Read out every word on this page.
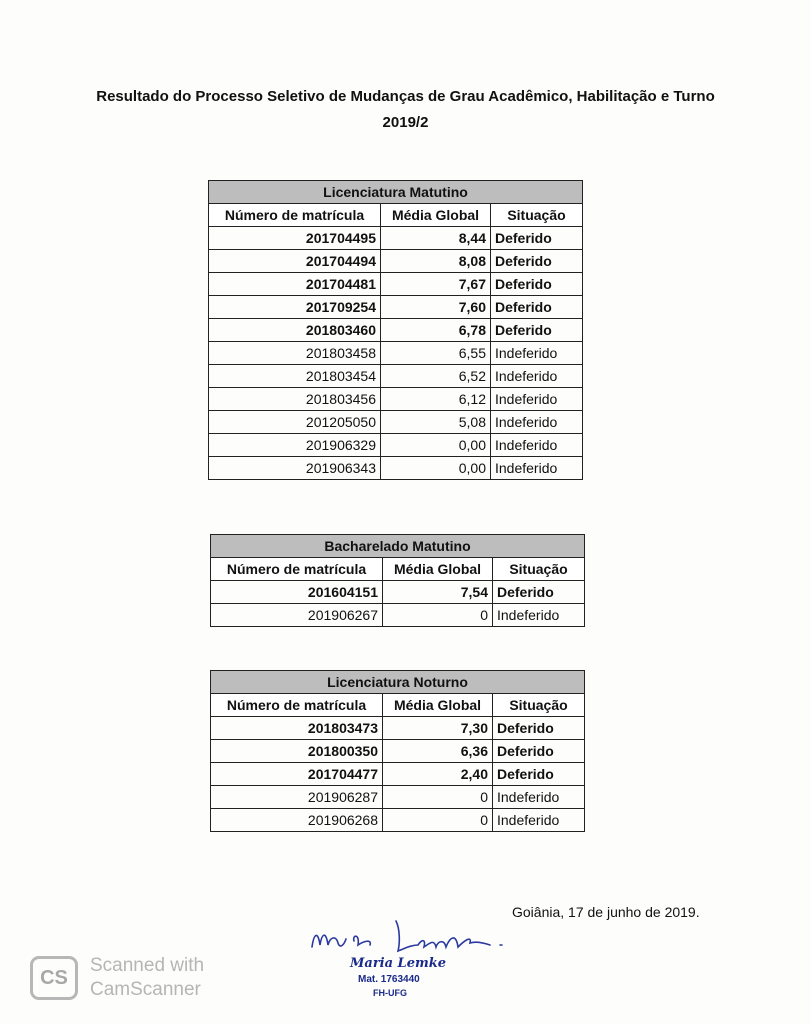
Resultado do Processo Seletivo de Mudanças de Grau Acadêmico, Habilitação e Turno
2019/2
Licenciatura Matutino		
Número de matrícula	Média Global	Situação
201704495	8,44	Deferido
201704494	8,08	Deferido
201704481	7,67	Deferido
201709254	7,60	Deferido
201803460	6,78	Deferido
201803458	6,55	Indeferido
201803454	6,52	Indeferido
201803456	6,12	Indeferido
201205050	5,08	Indeferido
201906329	0,00	Indeferido
201906343	0,00	Indeferido
Bacharelado Matutino		
Número de matrícula	Média Global	Situação
201604151	7,54	Deferido
201906267	0	Indeferido
Licenciatura Noturno		
Número de matrícula	Média Global	Situação
201803473	7,30	Deferido
201800350	6,36	Deferido
201704477	2,40	Deferido
201906287	0	Indeferido
201906268	0	Indeferido
Goiânia, 17 de junho de 2019.
Maria Lemke
Mat. 1763440
FH-UFG
CS
Scanned with
CamScanner
